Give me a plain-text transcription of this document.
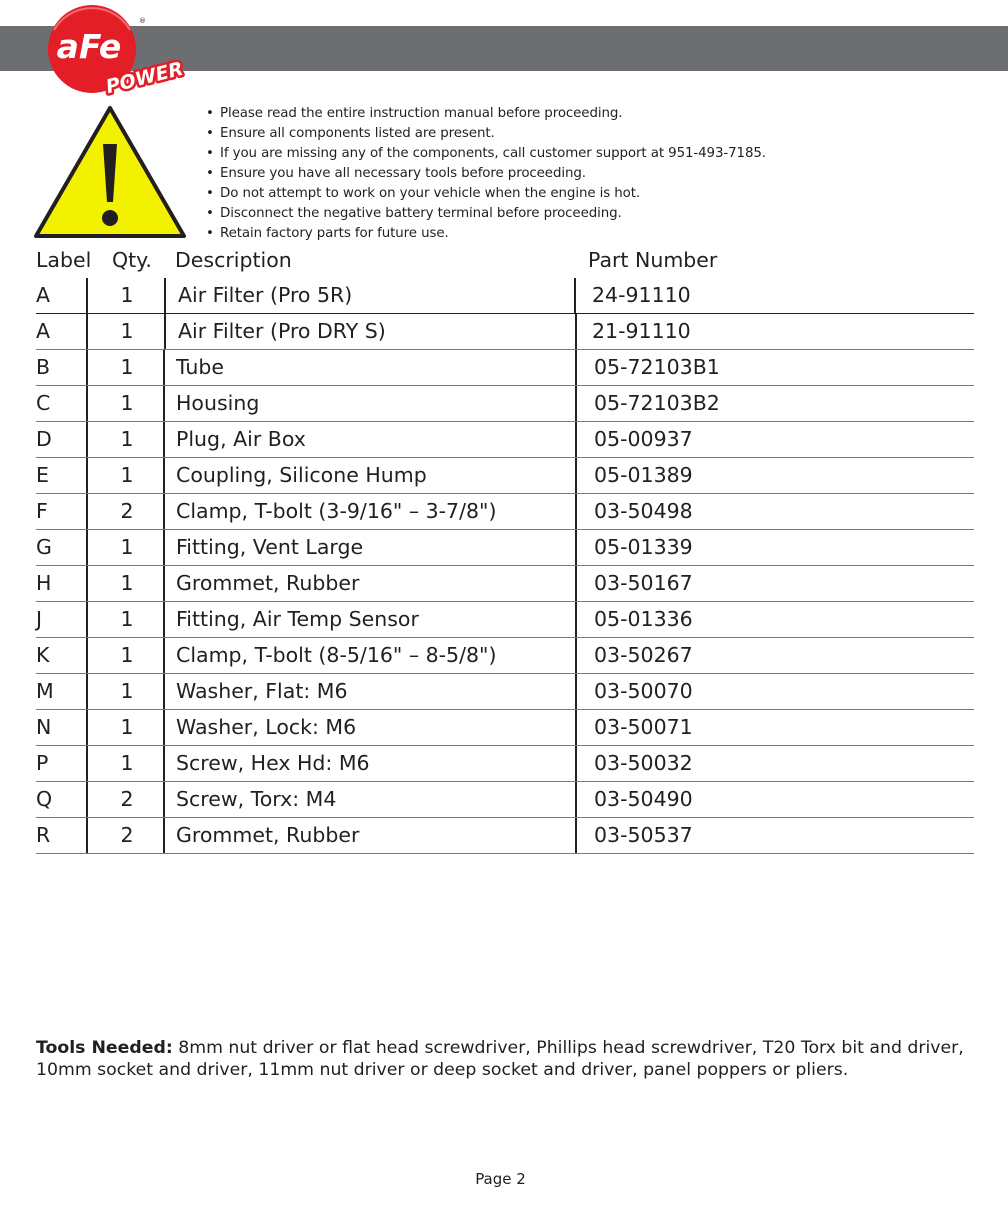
aFe
®
POWER
• Please read the entire instruction manual before proceeding.
• Ensure all components listed are present.
• If you are missing any of the components, call customer support at 951-493-7185.
• Ensure you have all necessary tools before proceeding.
• Do not attempt to work on your vehicle when the engine is hot.
• Disconnect the negative battery terminal before proceeding.
• Retain factory parts for future use.
Label Qty. Description	Part Number
A	1 Air Filter (Pro 5R)	24-91110
A	1 Air Filter (Pro DRY S)	21-91110
B	1 Tube	05-72103B1
C	1 Housing	05-72103B2
D	1 Plug, Air Box	05-00937
E	1 Coupling, Silicone Hump	05-01389
F	2 Clamp, T-bolt (3-9/16" – 3-7/8")	03-50498
G	1 Fitting, Vent Large	05-01339
H	1 Grommet, Rubber	03-50167
J	1 Fitting, Air Temp Sensor	05-01336
K	1 Clamp, T-bolt (8-5/16" – 8-5/8")	03-50267
M	1 Washer, Flat: M6	03-50070
N	1 Washer, Lock: M6	03-50071
P	1 Screw, Hex Hd: M6	03-50032
Q	2 Screw, Torx: M4	03-50490
R	2 Grommet, Rubber	03-50537
Tools Needed: 8mm nut driver or flat head screwdriver, Phillips head screwdriver, T20 Torx bit and driver, 10mm socket and driver, 11mm nut driver or deep socket and driver, panel poppers or pliers.
Page 2
